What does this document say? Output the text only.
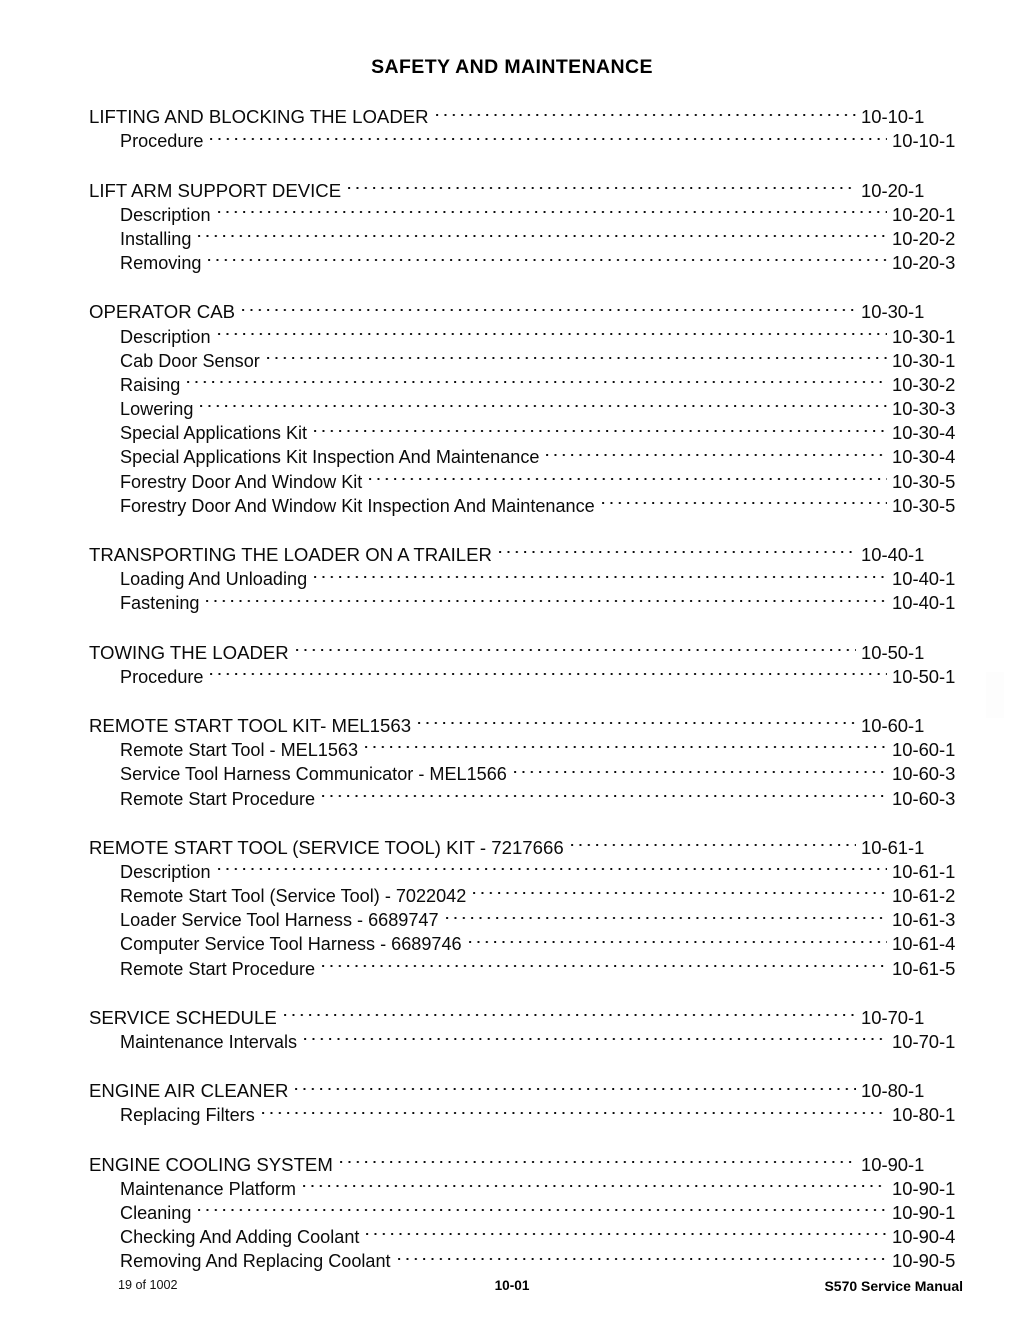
SAFETY AND MAINTENANCE
LIFTING AND BLOCKING THE LOADER	10-10-1
Procedure	10-10-1
LIFT ARM SUPPORT DEVICE	10-20-1
Description	10-20-1
Installing	10-20-2
Removing	10-20-3
OPERATOR CAB	10-30-1
Description	10-30-1
Cab Door Sensor	10-30-1
Raising	10-30-2
Lowering	10-30-3
Special Applications Kit	10-30-4
Special Applications Kit Inspection And Maintenance	10-30-4
Forestry Door And Window Kit	10-30-5
Forestry Door And Window Kit Inspection And Maintenance	10-30-5
TRANSPORTING THE LOADER ON A TRAILER	10-40-1
Loading And Unloading	10-40-1
Fastening	10-40-1
TOWING THE LOADER	10-50-1
Procedure	10-50-1
REMOTE START TOOL KIT- MEL1563	10-60-1
Remote Start Tool - MEL1563	10-60-1
Service Tool Harness Communicator - MEL1566	10-60-3
Remote Start Procedure	10-60-3
REMOTE START TOOL (SERVICE TOOL) KIT - 7217666	10-61-1
Description	10-61-1
Remote Start Tool (Service Tool) - 7022042	10-61-2
Loader Service Tool Harness - 6689747	10-61-3
Computer Service Tool Harness - 6689746	10-61-4
Remote Start Procedure	10-61-5
SERVICE SCHEDULE	10-70-1
Maintenance Intervals	10-70-1
ENGINE AIR CLEANER	10-80-1
Replacing Filters	10-80-1
ENGINE COOLING SYSTEM	10-90-1
Maintenance Platform	10-90-1
Cleaning	10-90-1
Checking And Adding Coolant	10-90-4
Removing And Replacing Coolant	10-90-5
19 of 1002	10-01	S570 Service Manual
